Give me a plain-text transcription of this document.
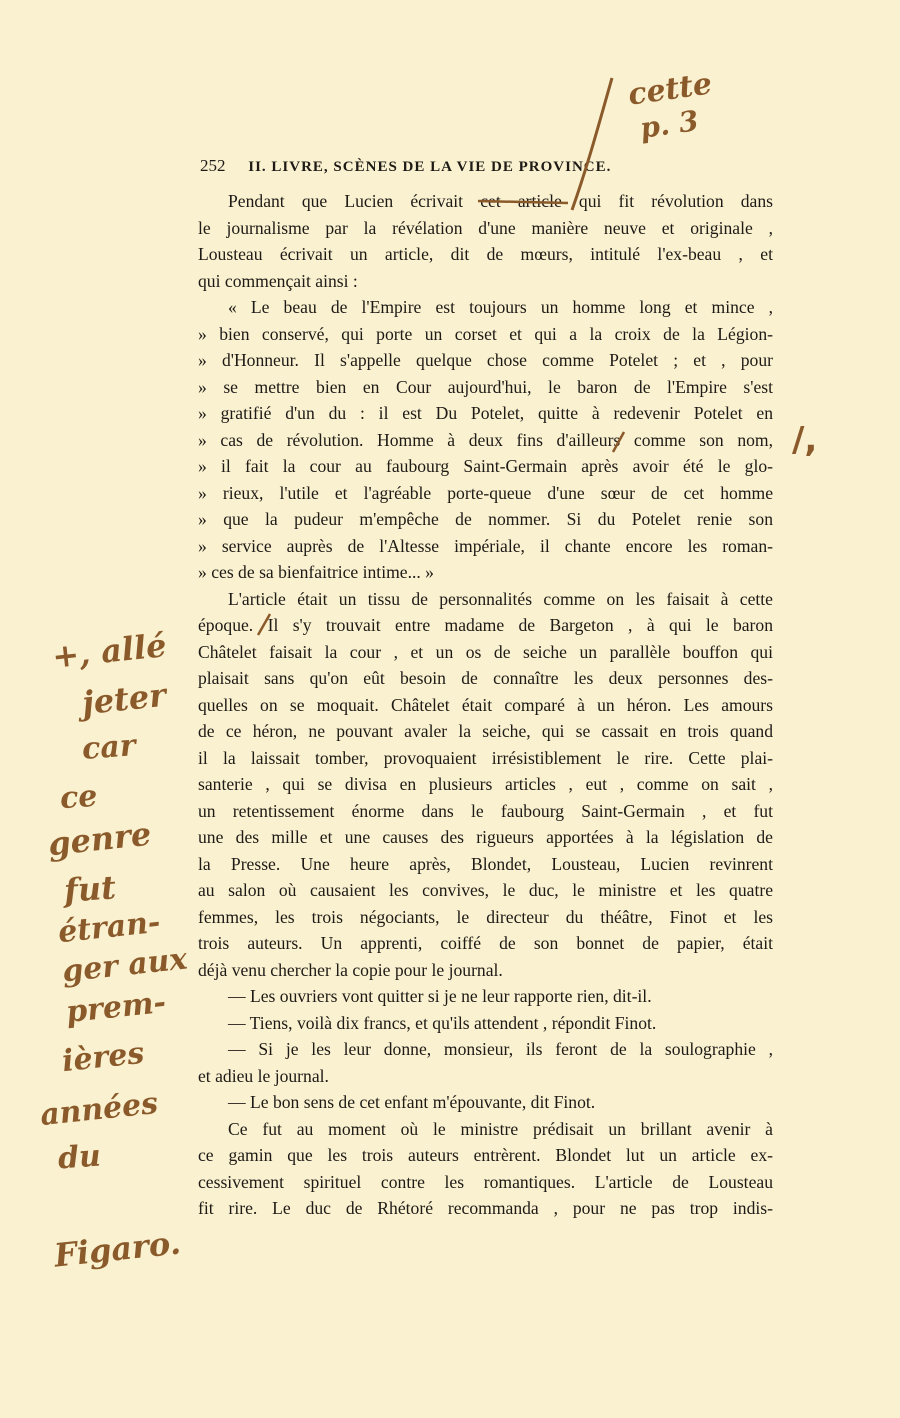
252 II. LIVRE, SCÈNES DE LA VIE DE PROVINCE.
Pendant que Lucien écrivait cet article qui fit révolution dans
le journalisme par la révélation d'une manière neuve et originale ,
Lousteau écrivait un article, dit de mœurs, intitulé l'ex-beau , et
qui commençait ainsi :
« Le beau de l'Empire est toujours un homme long et mince ,
» bien conservé, qui porte un corset et qui a la croix de la Légion-
» d'Honneur. Il s'appelle quelque chose comme Potelet ; et , pour
» se mettre bien en Cour aujourd'hui, le baron de l'Empire s'est
» gratifié d'un du : il est Du Potelet, quitte à redevenir Potelet en
» cas de révolution. Homme à deux fins d'ailleurs comme son nom,
» il fait la cour au faubourg Saint-Germain après avoir été le glo-
» rieux, l'utile et l'agréable porte-queue d'une sœur de cet homme
» que la pudeur m'empêche de nommer. Si du Potelet renie son
» service auprès de l'Altesse impériale, il chante encore les roman-
» ces de sa bienfaitrice intime... »
L'article était un tissu de personnalités comme on les faisait à cette
époque. Il s'y trouvait entre madame de Bargeton , à qui le baron
Châtelet faisait la cour , et un os de seiche un parallèle bouffon qui
plaisait sans qu'on eût besoin de connaître les deux personnes des-
quelles on se moquait. Châtelet était comparé à un héron. Les amours
de ce héron, ne pouvant avaler la seiche, qui se cassait en trois quand
il la laissait tomber, provoquaient irrésistiblement le rire. Cette plai-
santerie , qui se divisa en plusieurs articles , eut , comme on sait ,
un retentissement énorme dans le faubourg Saint-Germain , et fut
une des mille et une causes des rigueurs apportées à la législation de
la Presse. Une heure après, Blondet, Lousteau, Lucien revinrent
au salon où causaient les convives, le duc, le ministre et les quatre
femmes, les trois négociants, le directeur du théâtre, Finot et les
trois auteurs. Un apprenti, coiffé de son bonnet de papier, était
déjà venu chercher la copie pour le journal.
— Les ouvriers vont quitter si je ne leur rapporte rien, dit-il.
— Tiens, voilà dix francs, et qu'ils attendent , répondit Finot.
— Si je les leur donne, monsieur, ils feront de la soulographie ,
et adieu le journal.
— Le bon sens de cet enfant m'épouvante, dit Finot.
Ce fut au moment où le ministre prédisait un brillant avenir à
ce gamin que les trois auteurs entrèrent. Blondet lut un article ex-
cessivement spirituel contre les romantiques. L'article de Lousteau
fit rire. Le duc de Rhétoré recommanda , pour ne pas trop indis-
cette
p. 3
/,
+, allé
jeter
car
ce
genre
fut
étran-
ger aux
prem-
ières
années
du
Figaro.
